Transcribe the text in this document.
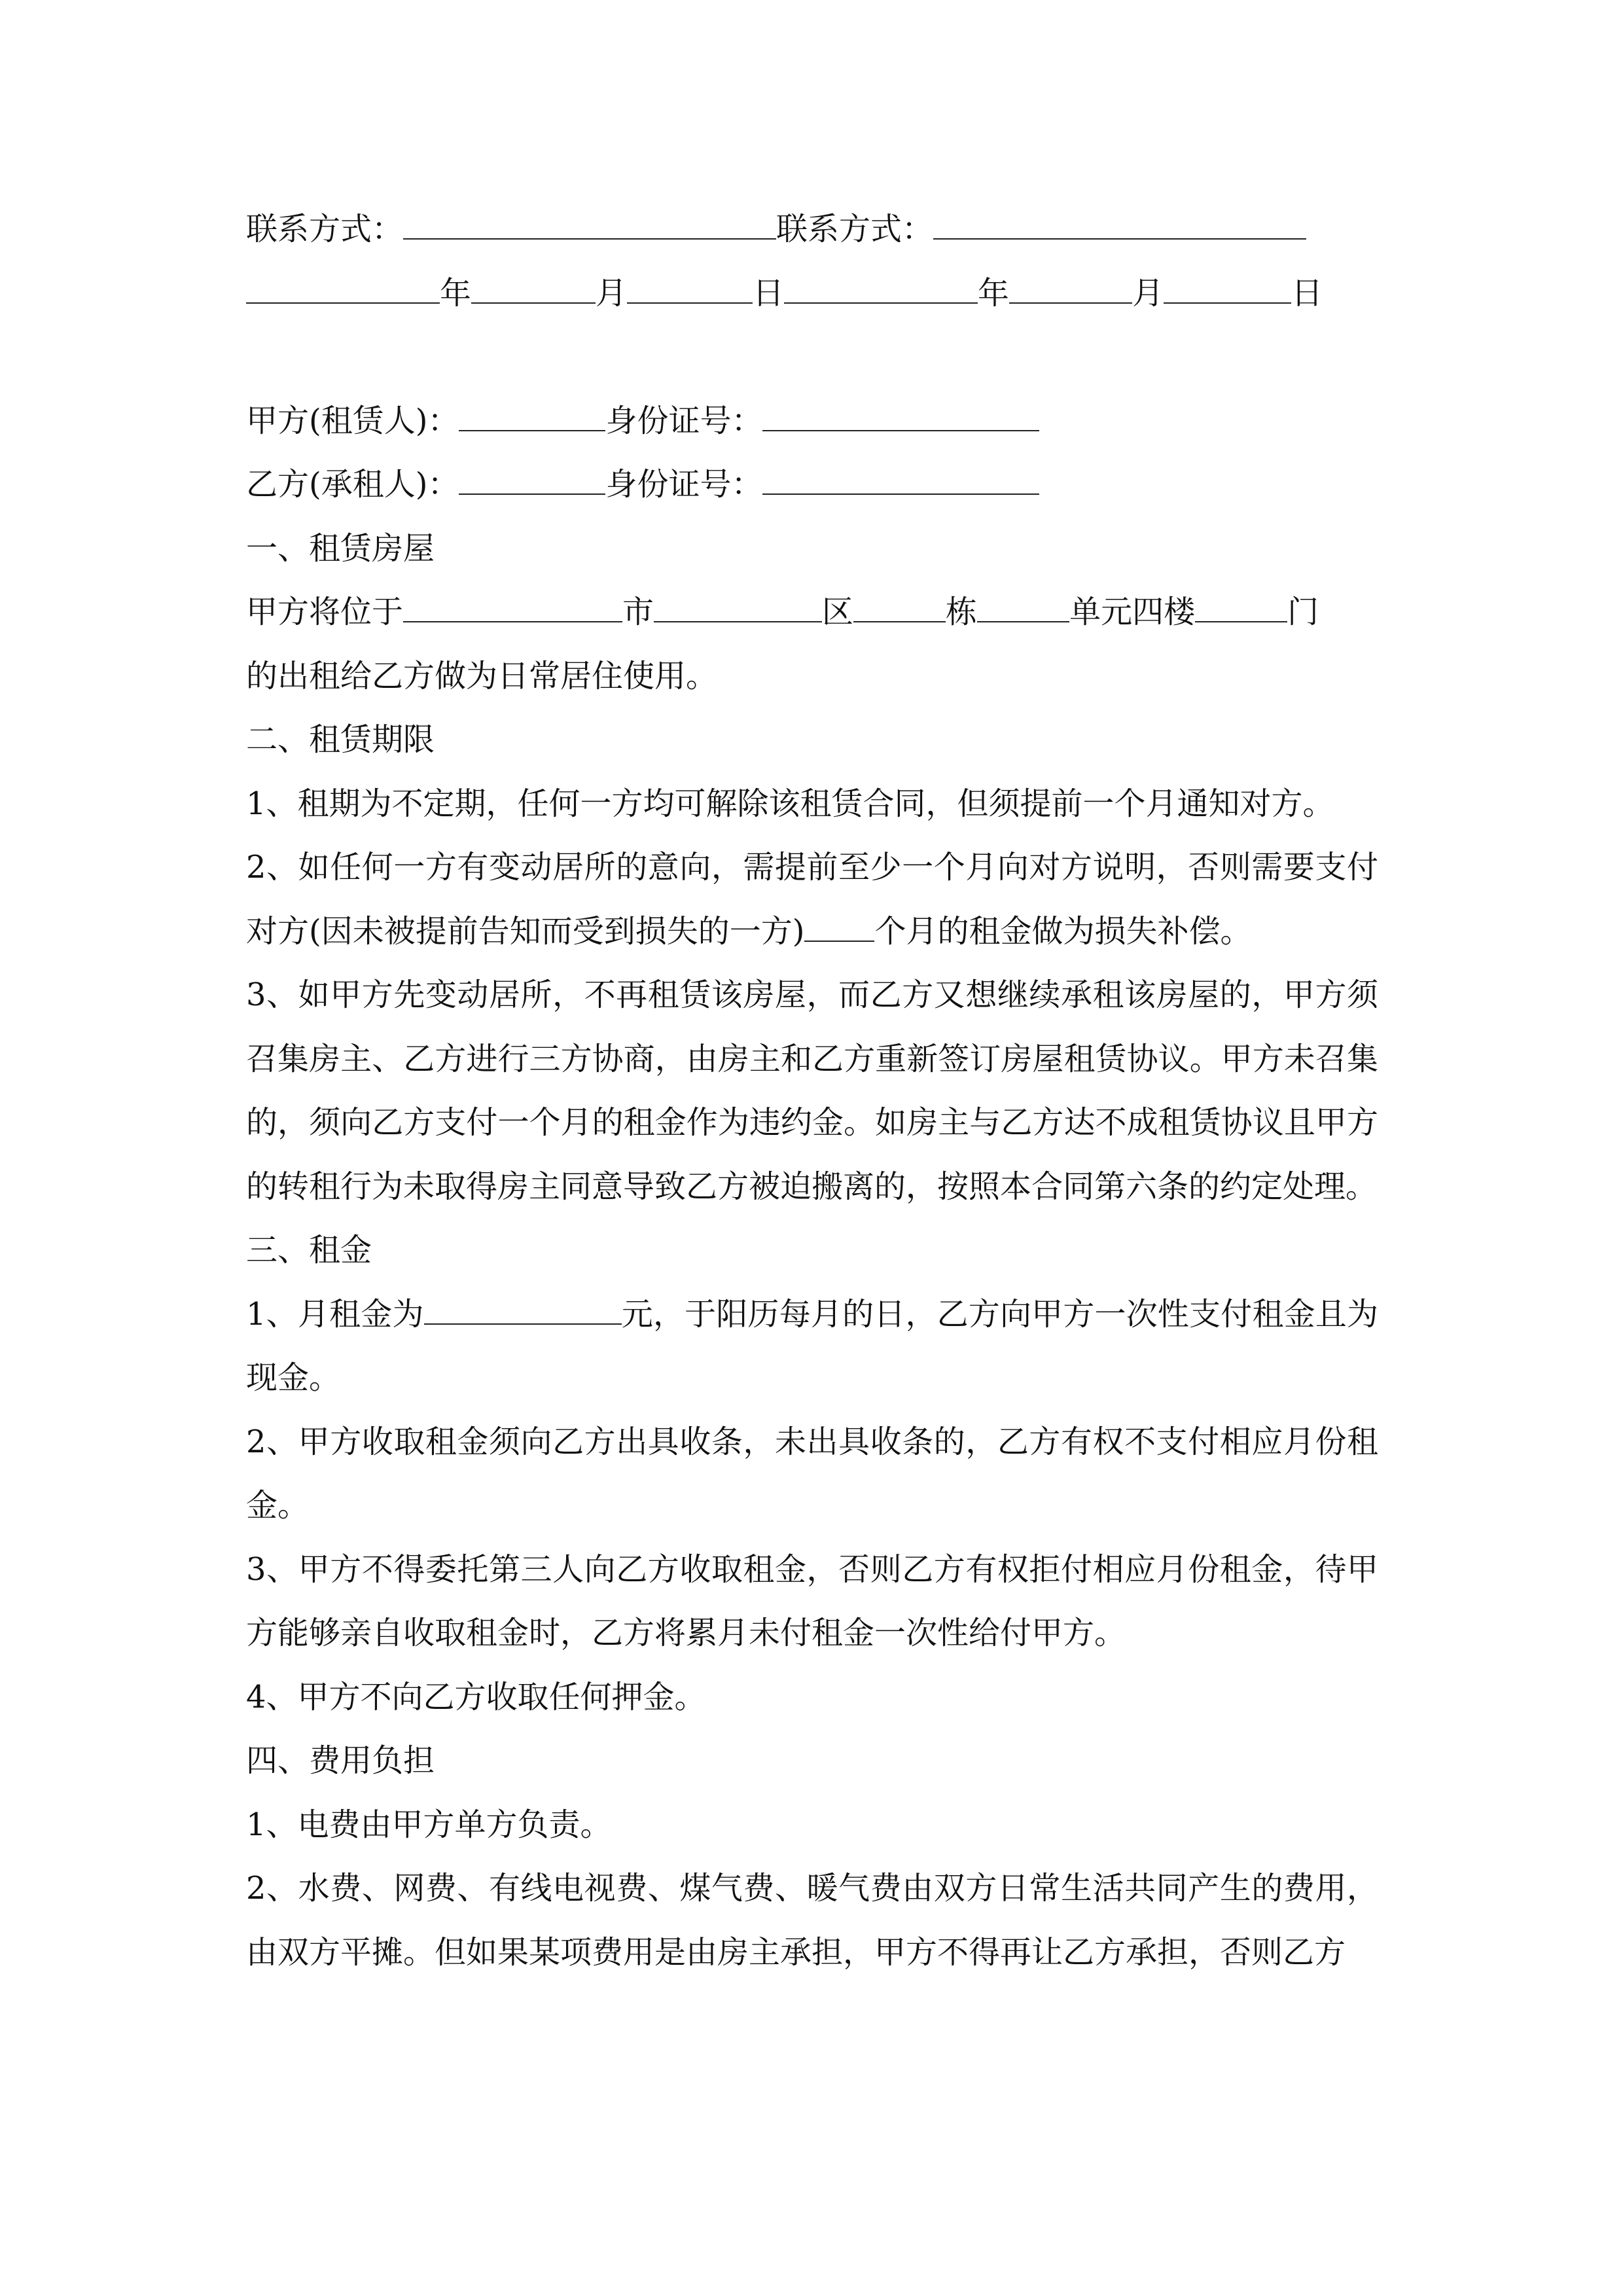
联系方式：	联系方式：
年	月	日	年	月	日
甲方(租赁人)：	身份证号：
乙方(承租人)：	身份证号：
一、租赁房屋
甲方将位于	市	区	栋	单元四楼	门
的出租给乙方做为日常居住使用。
二、租赁期限
1、租期为不定期，任何一方均可解除该租赁合同，但须提前一个月通知对方。
2、如任何一方有变动居所的意向，需提前至少一个月向对方说明，否则需要支付对方(因未被提前告知而受到损失的一方) 个月的租金做为损失补偿。
3、如甲方先变动居所，不再租赁该房屋，而乙方又想继续承租该房屋的，甲方须召集房主、乙方进行三方协商，由房主和乙方重新签订房屋租赁协议。甲方未召集的，须向乙方支付一个月的租金作为违约金。如房主与乙方达不成租赁协议且甲方的转租行为未取得房主同意导致乙方被迫搬离的，按照本合同第六条的约定处理。
三、租金
1、月租金为	元，于阳历每月的日，乙方向甲方一次性支付租金且为现金。
2、甲方收取租金须向乙方出具收条，未出具收条的，乙方有权不支付相应月份租金。
3、甲方不得委托第三人向乙方收取租金，否则乙方有权拒付相应月份租金，待甲方能够亲自收取租金时，乙方将累月未付租金一次性给付甲方。
4、甲方不向乙方收取任何押金。
四、费用负担
1、电费由甲方单方负责。
2、水费、网费、有线电视费、煤气费、暖气费由双方日常生活共同产生的费用，由双方平摊。但如果某项费用是由房主承担，甲方不得再让乙方承担，否则乙方
